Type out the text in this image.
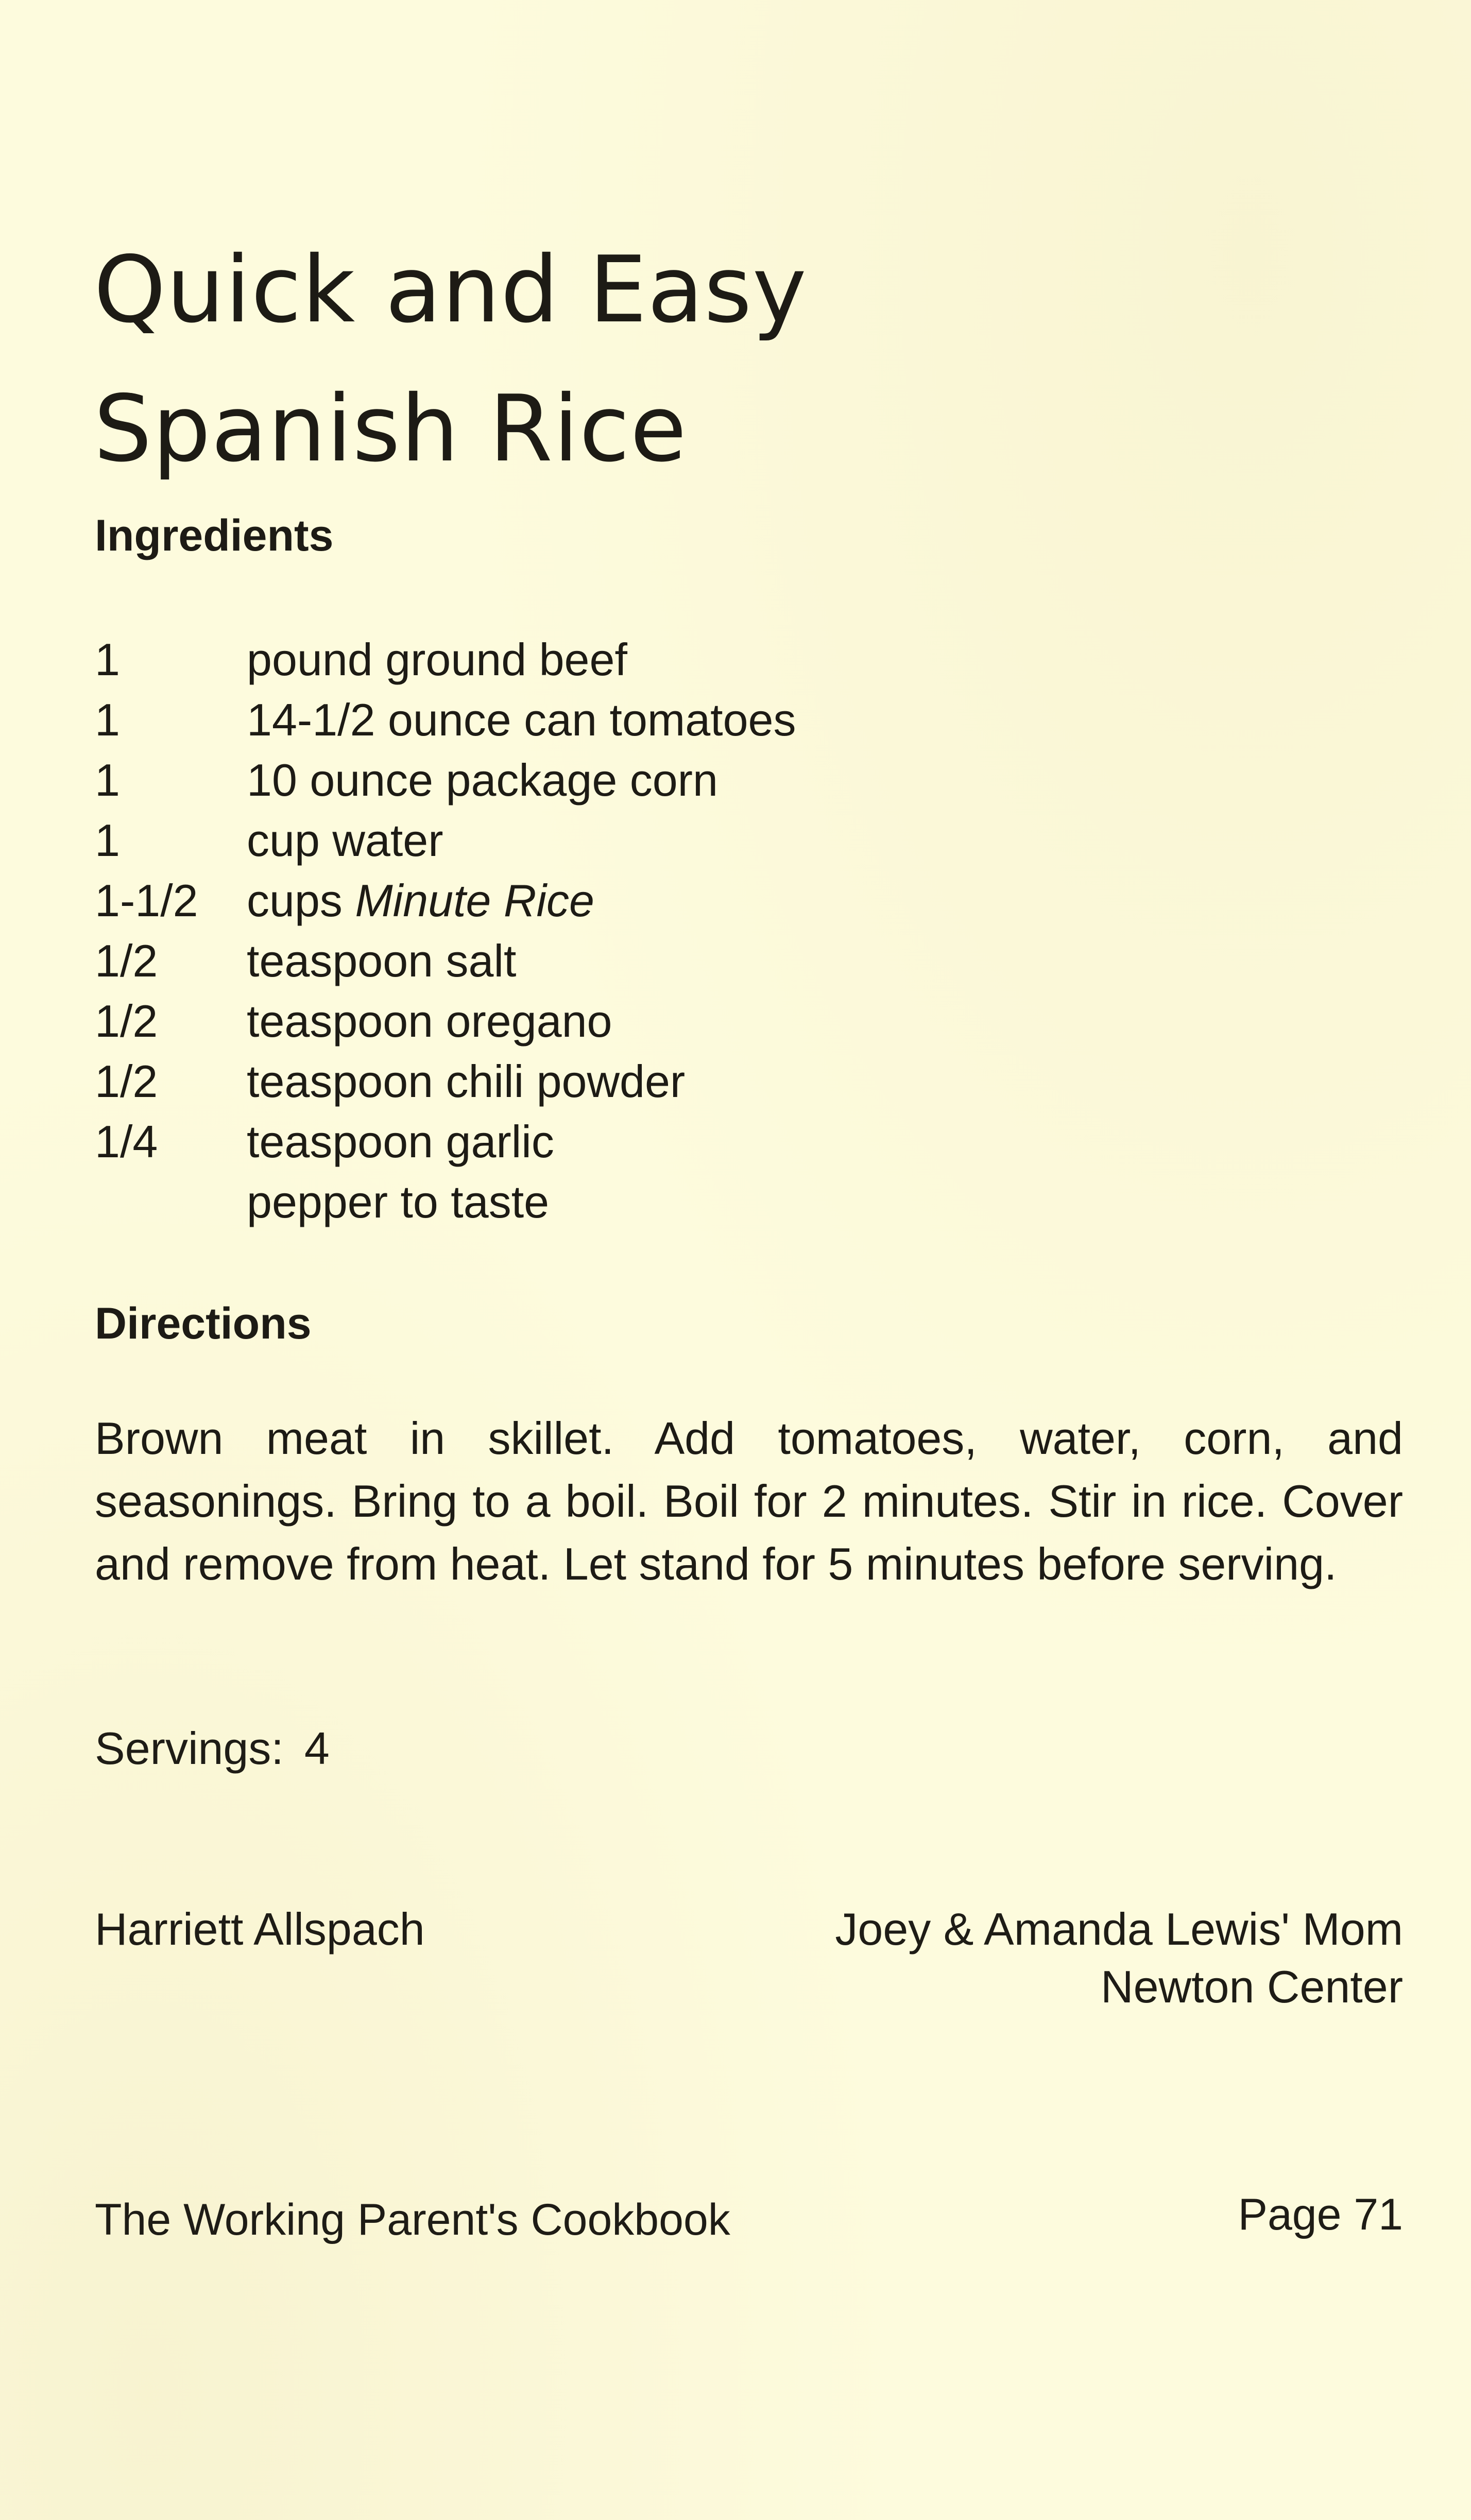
Quick and Easy
Spanish Rice
Ingredients
1	pound ground beef
1	14-1/2 ounce can tomatoes
1	10 ounce package corn
1	cup water
1-1/2	cups Minute Rice
1/2	teaspoon salt
1/2	teaspoon oregano
1/2	teaspoon chili powder
1/4	teaspoon garlic
pepper to taste
Directions

Brown meat in skillet. Add tomatoes, water, corn, and seasonings. Bring to a boil. Boil for 2 minutes. Stir in rice. Cover and remove from heat. Let stand for 5 minutes before serving.

Servings: 4
Harriett Allspach	Joey & Amanda Lewis' Mom
Newton Center
The Working Parent's Cookbook	Page 71
